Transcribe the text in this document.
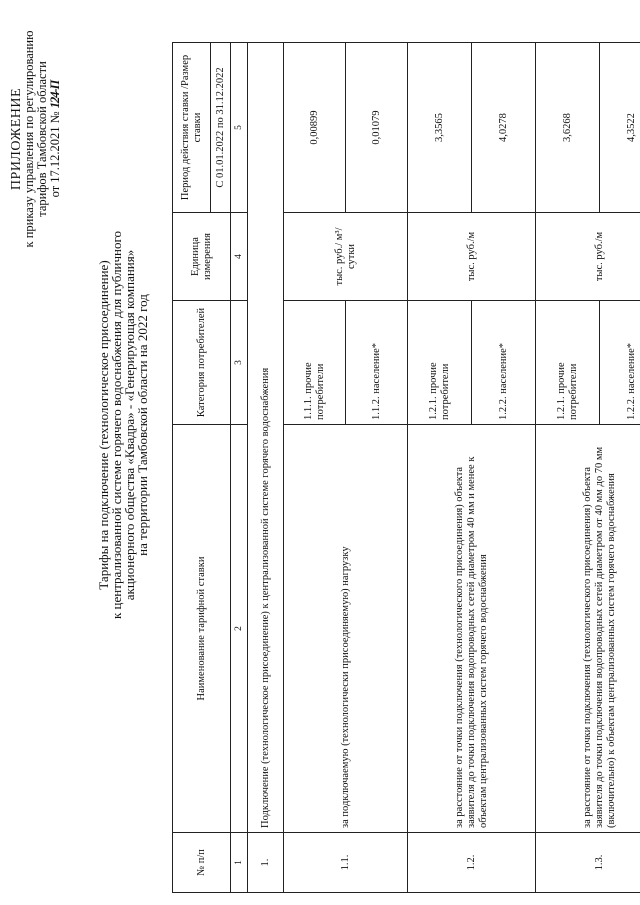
ПРИЛОЖЕНИЕ
к приказу управления по регулированию тарифов Тамбовской области от 17.12.2021 № 124-П
Тарифы на подключение (технологическое присоединение)
к централизованной системе горячего водоснабжения для публичного
акционерного общества «Квадра» - «Генерирующая компания»
на территории Тамбовской области на 2022 год
№ п/п	Наименование тарифной ставки	Категория потребителей	Единица измерения	Период действия ставки /Размер ставки
				С 01.01.2022 по 31.12.2022
1	2	3	4	5
1.	Подключение (технологическое присоединение) к централизованной системе горячего водоснабжения			
1.1.	за подключаемую (технологически присоединяемую) нагрузку	1.1.1. прочие потребители	тыс. руб./ м³/сутки	0,00899
		1.1.2. население*		0,01079
1.2.	за расстояние от точки подключения (технологического присоединения) объекта заявителя до точки подключения водопроводных сетей диаметром 40 мм и менее к объектам централизованных систем горячего водоснабжения	1.2.1. прочие потребители	тыс. руб./м	3,3565
		1.2.2. население*		4,0278
1.3.	за расстояние от точки подключения (технологического присоединения) объекта заявителя до точки подключения водопроводных сетей диаметром от 40 мм до 70 мм (включительно) к объектам централизованных систем горячего водоснабжения	1.2.1. прочие потребители	тыс. руб./м	3,6268
		1.2.2. население*		4,3522
